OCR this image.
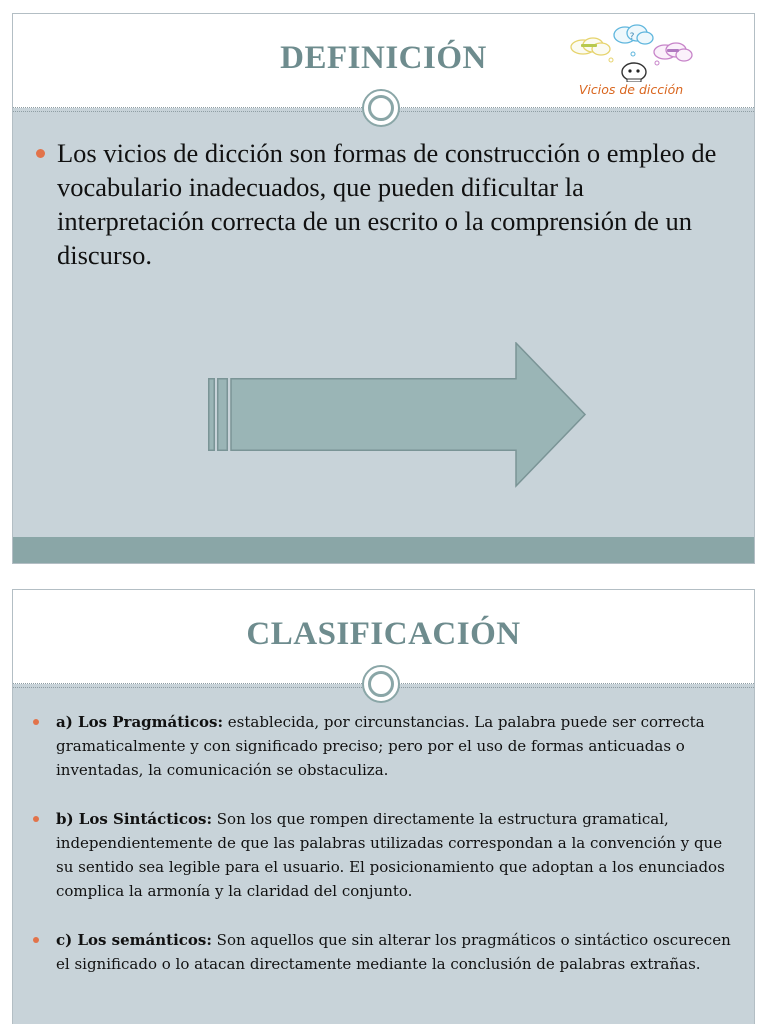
DEFINICIÓN
?
Vicios de dicción
Los vicios de dicción son formas de construcción o empleo de vocabulario inadecuados, que pueden dificultar la interpretación correcta de un escrito o la comprensión de un discurso.
CLASIFICACIÓN
a) Los Pragmáticos: establecida, por circunstancias. La palabra puede ser correcta gramaticalmente y con significado preciso; pero por el uso de formas anticuadas o inventadas, la comunicación se obstaculiza.
b) Los Sintácticos: Son los que rompen directamente la estructura gramatical, independientemente de que las palabras utilizadas correspondan a la convención y que su sentido sea legible para el usuario. El posicionamiento que adoptan a los enunciados complica la armonía y la claridad del conjunto.
c) Los semánticos: Son aquellos que sin alterar los pragmáticos o sintáctico oscurecen el significado o lo atacan directamente mediante la conclusión de palabras extrañas.
